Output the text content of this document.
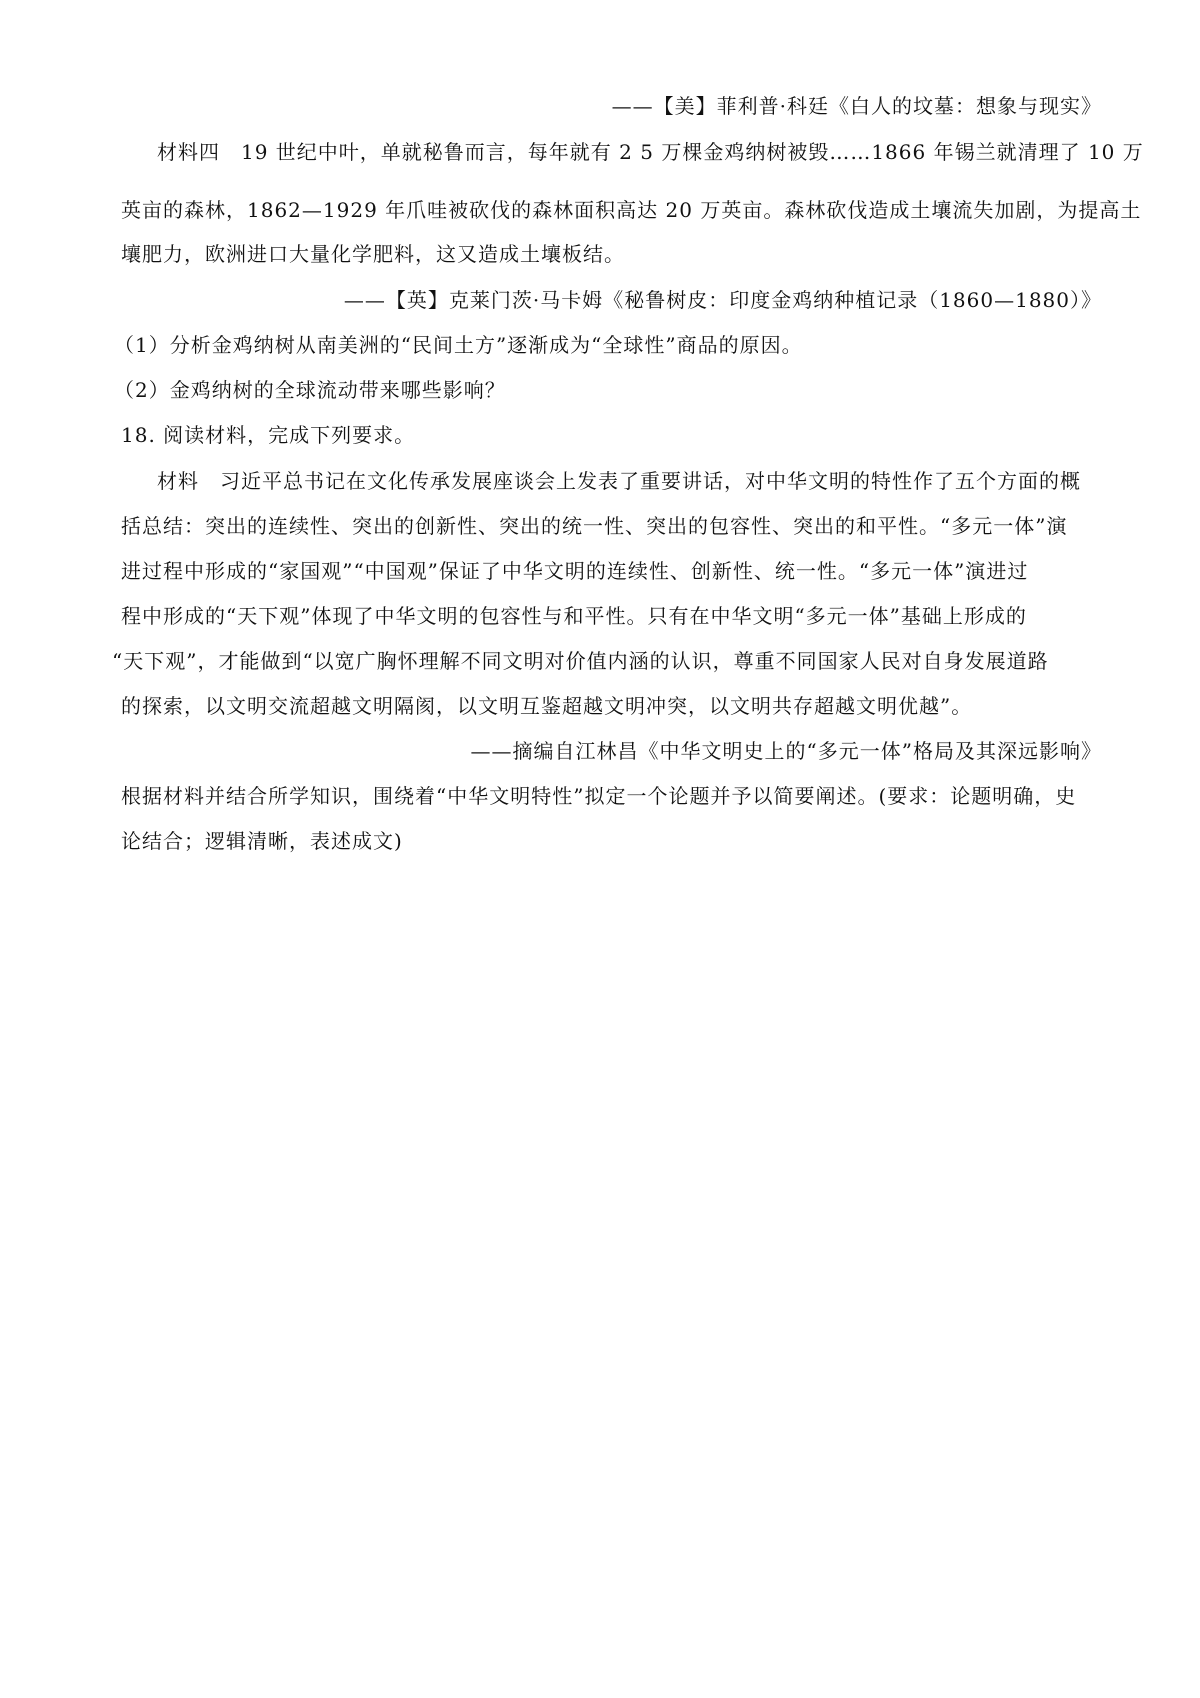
——【美】菲利普·科廷《白人的坟墓：想象与现实》
材料四　19 世纪中叶，单就秘鲁而言，每年就有 2 5 万棵金鸡纳树被毁……1866 年锡兰就清理了 10 万
英亩的森林，1862—1929 年爪哇被砍伐的森林面积高达 20 万英亩。森林砍伐造成土壤流失加剧，为提高土
壤肥力，欧洲进口大量化学肥料，这又造成土壤板结。
——【英】克莱门茨·马卡姆《秘鲁树皮：印度金鸡纳种植记录（1860—1880）》
（1）分析金鸡纳树从南美洲的“民间土方”逐渐成为“全球性”商品的原因。
（2）金鸡纳树的全球流动带来哪些影响？
18. 阅读材料，完成下列要求。
材料　习近平总书记在文化传承发展座谈会上发表了重要讲话，对中华文明的特性作了五个方面的概
括总结：突出的连续性、突出的创新性、突出的统一性、突出的包容性、突出的和平性。“多元一体”演
进过程中形成的“家国观”“中国观”保证了中华文明的连续性、创新性、统一性。“多元一体”演进过
程中形成的“天下观”体现了中华文明的包容性与和平性。只有在中华文明“多元一体”基础上形成的
“天下观”，才能做到“以宽广胸怀理解不同文明对价值内涵的认识，尊重不同国家人民对自身发展道路
的探索，以文明交流超越文明隔阂，以文明互鉴超越文明冲突，以文明共存超越文明优越”。
——摘编自江林昌《中华文明史上的“多元一体”格局及其深远影响》
根据材料并结合所学知识，围绕着“中华文明特性”拟定一个论题并予以简要阐述。(要求：论题明确，史
论结合；逻辑清晰，表述成文)
